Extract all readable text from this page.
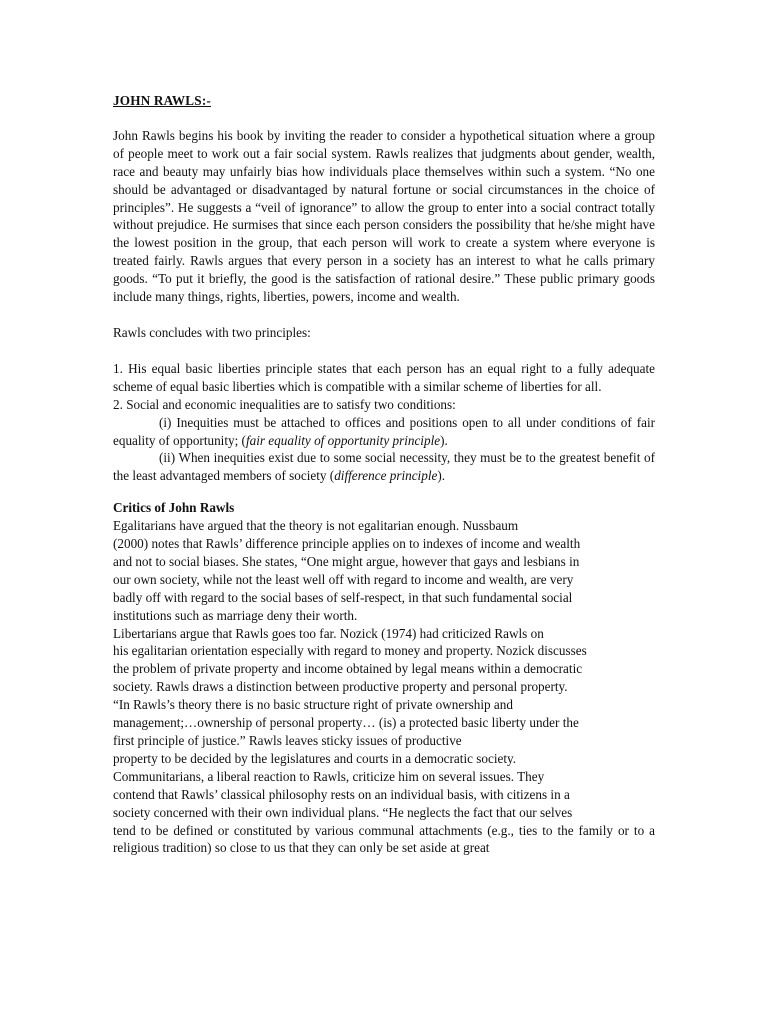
JOHN RAWLS:-

John Rawls begins his book by inviting the reader to consider a hypothetical situation where a group of people meet to work out a fair social system. Rawls realizes that judgments about gender, wealth, race and beauty may unfairly bias how individuals place themselves within such a system. “No one should be advantaged or disadvantaged by natural fortune or social circumstances in the choice of principles”. He suggests a “veil of ignorance” to allow the group to enter into a social contract totally without prejudice. He surmises that since each person considers the possibility that he/she might have the lowest position in the group, that each person will work to create a system where everyone is treated fairly. Rawls argues that every person in a society has an interest to what he calls primary goods. “To put it briefly, the good is the satisfaction of rational desire.” These public primary goods include many things, rights, liberties, powers, income and wealth.

Rawls concludes with two principles:

1. His equal basic liberties principle states that each person has an equal right to a fully adequate scheme of equal basic liberties which is compatible with a similar scheme of liberties for all.

2. Social and economic inequalities are to satisfy two conditions:

(i) Inequities must be attached to offices and positions open to all under conditions of fair equality of opportunity; (fair equality of opportunity principle).

(ii) When inequities exist due to some social necessity, they must be to the greatest benefit of the least advantaged members of society (difference principle).

Critics of John Rawls
Egalitarians have argued that the theory is not egalitarian enough. Nussbaum
(2000) notes that Rawls’ difference principle applies on to indexes of income and wealth
and not to social biases. She states, “One might argue, however that gays and lesbians in
our own society, while not the least well off with regard to income and wealth, are very
badly off with regard to the social bases of self-respect, in that such fundamental social
institutions such as marriage deny their worth.
Libertarians argue that Rawls goes too far. Nozick (1974) had criticized Rawls on
his egalitarian orientation especially with regard to money and property. Nozick discusses
the problem of private property and income obtained by legal means within a democratic
society. Rawls draws a distinction between productive property and personal property.
“In Rawls’s theory there is no basic structure right of private ownership and
management;…ownership of personal property… (is) a protected basic liberty under the
first principle of justice.” Rawls leaves sticky issues of productive
property to be decided by the legislatures and courts in a democratic society.
Communitarians, a liberal reaction to Rawls, criticize him on several issues. They
contend that Rawls’ classical philosophy rests on an individual basis, with citizens in a
society concerned with their own individual plans. “He neglects the fact that our selves

tend to be defined or constituted by various communal attachments (e.g., ties to the family or to a religious tradition) so close to us that they can only be set aside at great
